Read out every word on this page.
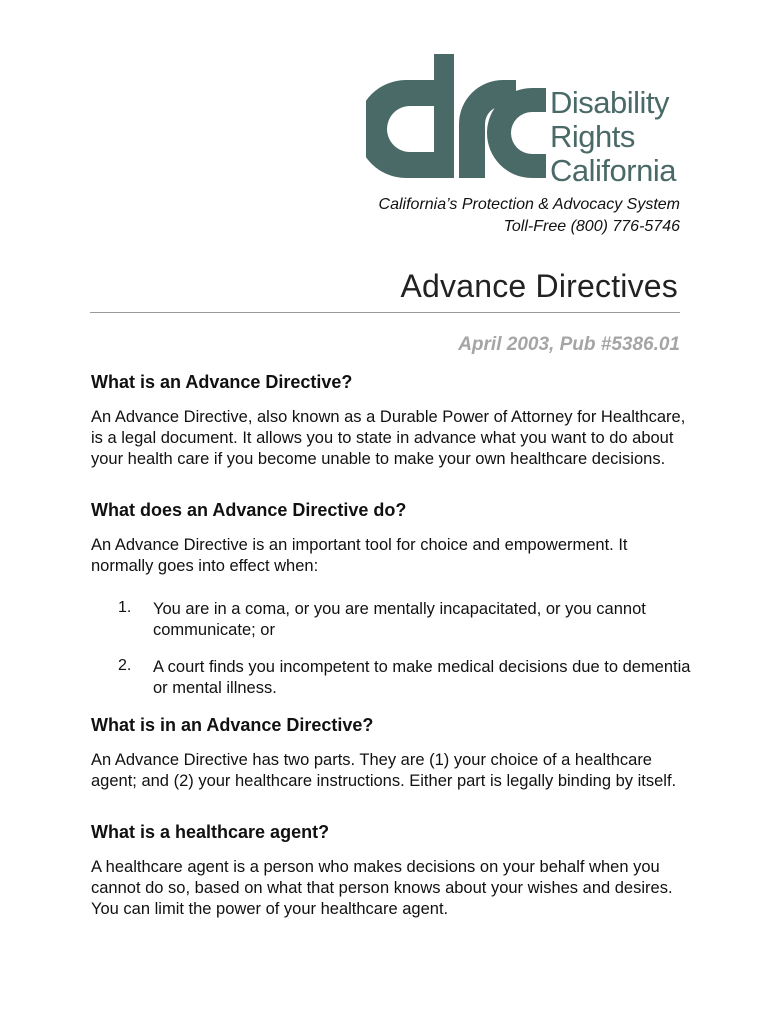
Disability
Rights
California
California’s Protection & Advocacy System
Toll-Free (800) 776-5746
Advance Directives
April 2003, Pub #5386.01
What is an Advance Directive?

An Advance Directive, also known as a Durable Power of Attorney for Healthcare, is a legal document. It allows you to state in advance what you want to do about your health care if you become unable to make your own healthcare decisions.

What does an Advance Directive do?

An Advance Directive is an important tool for choice and empowerment. It normally goes into effect when:

1. You are in a coma, or you are mentally incapacitated, or you cannot communicate; or

2. A court finds you incompetent to make medical decisions due to dementia or mental illness.

What is in an Advance Directive?

An Advance Directive has two parts. They are (1) your choice of a healthcare agent; and (2) your healthcare instructions. Either part is legally binding by itself.

What is a healthcare agent?

A healthcare agent is a person who makes decisions on your behalf when you cannot do so, based on what that person knows about your wishes and desires. You can limit the power of your healthcare agent.
